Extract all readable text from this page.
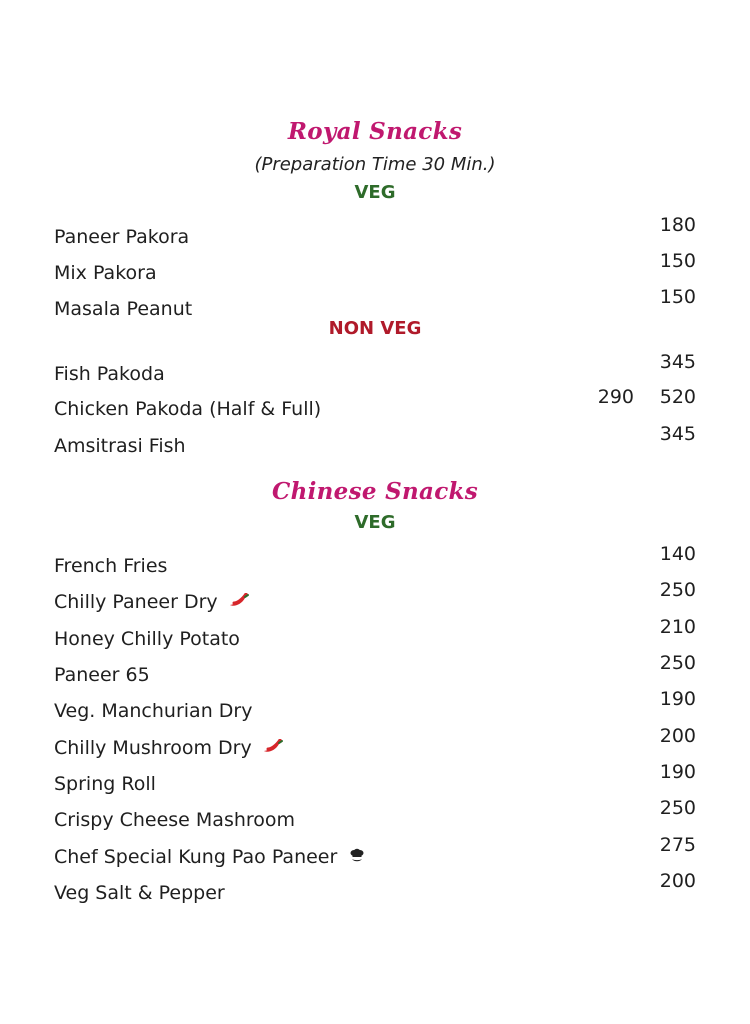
Royal Snacks
(Preparation Time 30 Min.)
VEG
Paneer Pakora
180
Mix Pakora
150
Masala Peanut
150
NON VEG
Fish Pakoda
345
Chicken Pakoda (Half & Full)
290	520
Amsitrasi Fish
345
Chinese Snacks
VEG
French Fries
140
Chilly Paneer Dry
250
Honey Chilly Potato
210
Paneer 65
250
Veg. Manchurian Dry
190
Chilly Mushroom Dry
200
Spring Roll
190
Crispy Cheese Mashroom
250
Chef Special Kung Pao Paneer
275
Veg Salt & Pepper
200
